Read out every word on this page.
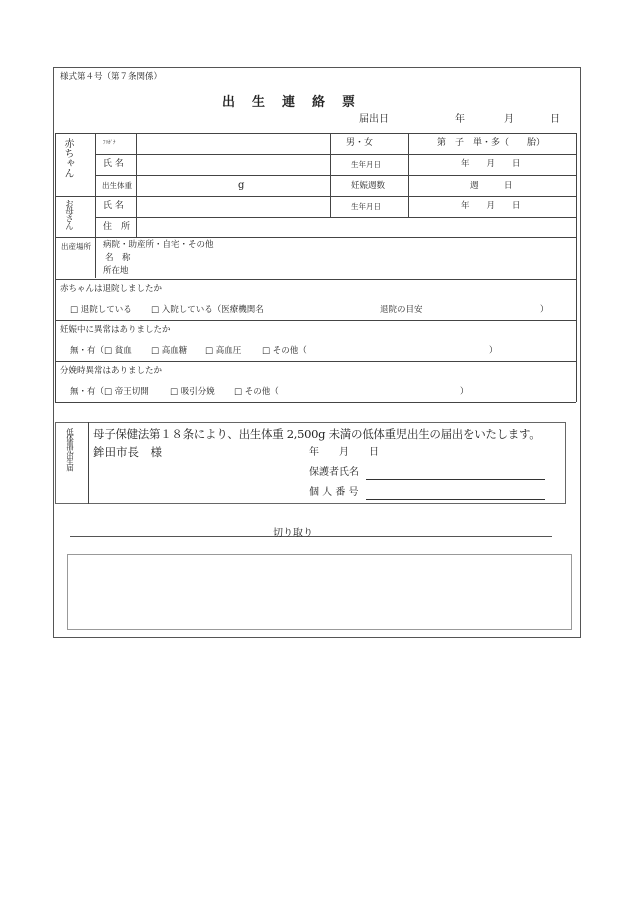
様式第４号（第７条関係）
出　生　連　絡　票
届出日	年	月	日
赤ちゃん	ﾌﾘｶﾞﾅ	男・女	第　子　単・多（　　胎）
氏 名	生年月日	年　　月　　日
出生体重	g	妊娠週数	週　　　日
お母さん	氏 名	生年月日	年　　月　　日
住　所
出産場所 病院・助産所・自宅・その他
名　称
所在地
赤ちゃんは退院しましたか
□ 退院している □ 入院している（医療機関名	退院の目安	）
妊娠中に異常はありましたか
無・有（□ 貧血 □ 高血糖 □ 高血圧 □ その他（	）
分娩時異常はありましたか
無・有（□ 帝王切開	□ 吸引分娩 □ その他（	）
低体重児出生届 母子保健法第１８条により、出生体重 2,500g 未満の低体重児出生の届出をいたします。
鉾田市長　様	年　　月　　日
保護者氏名
個 人 番 号
切り取り
